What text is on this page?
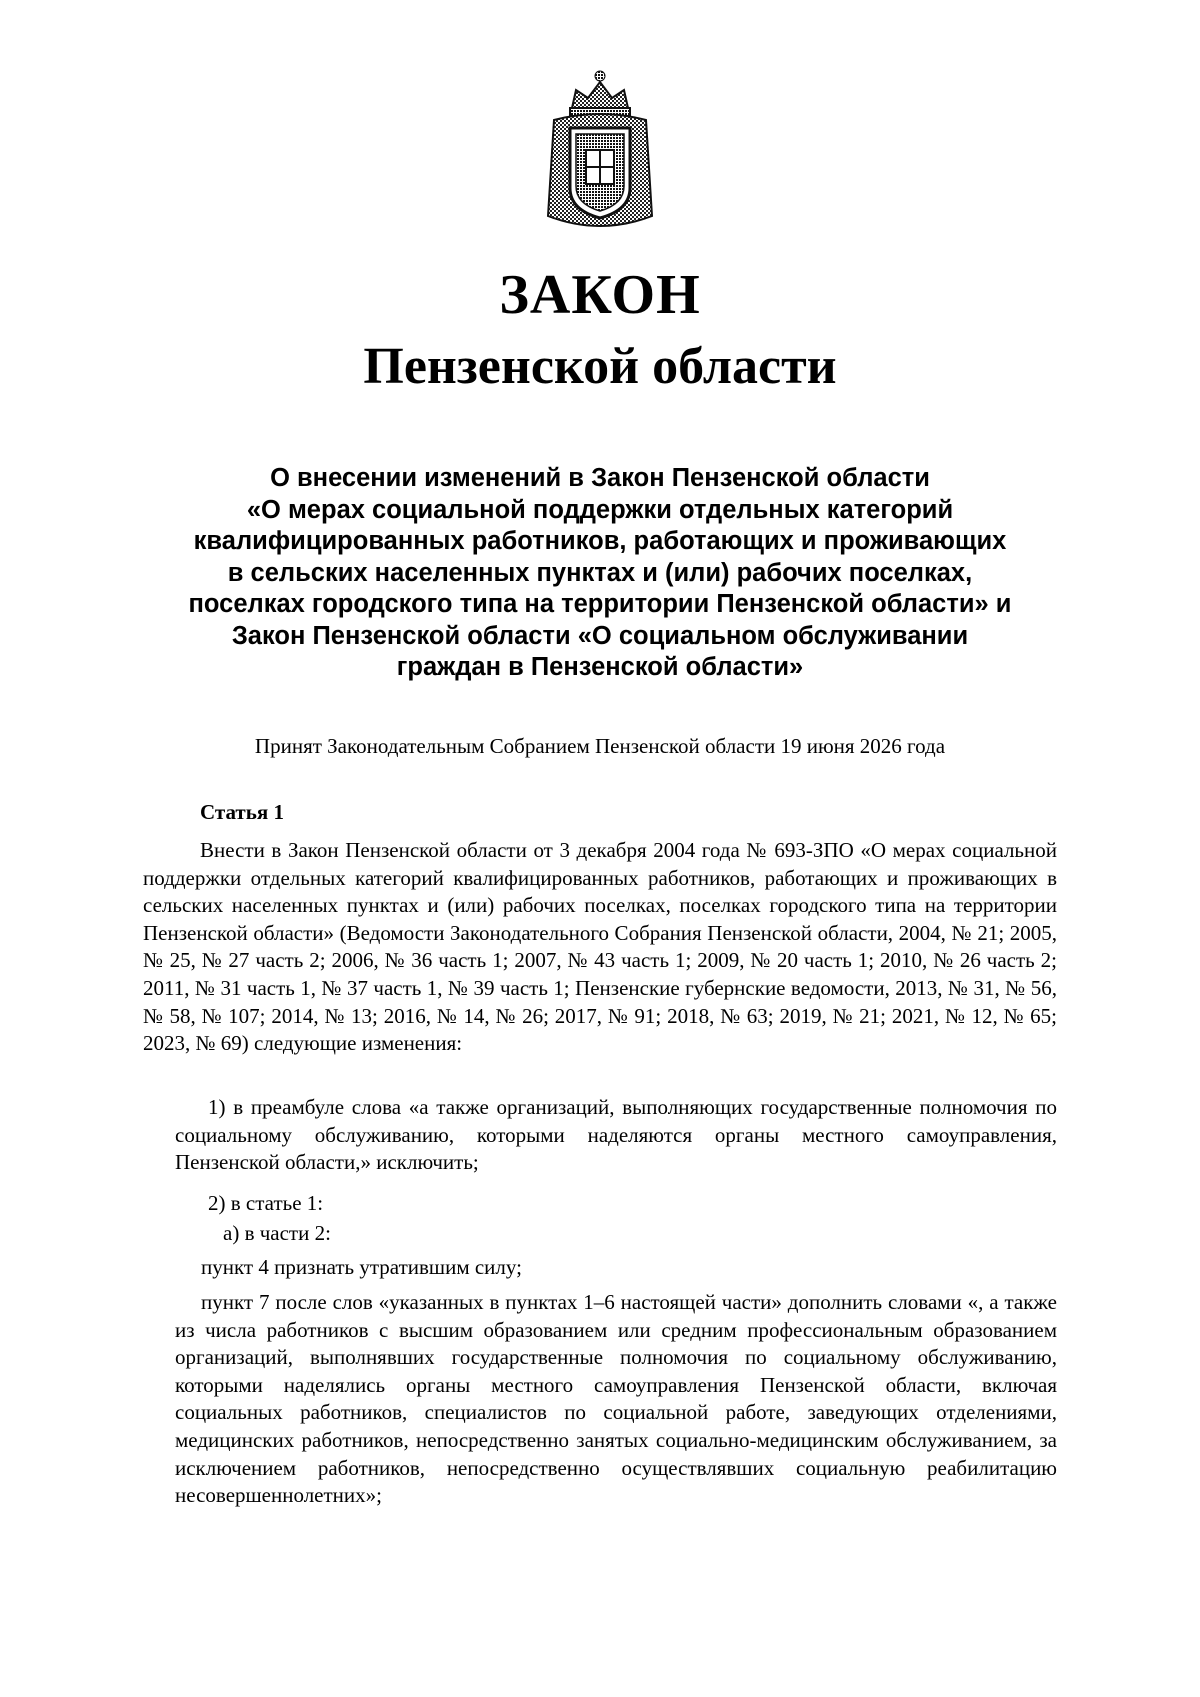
ЗАКОН
Пензенской области
О внесении изменений в Закон Пензенской области
«О мерах социальной поддержки отдельных категорий
квалифицированных работников, работающих и проживающих
в сельских населенных пунктах и (или) рабочих поселках,
поселках городского типа на территории Пензенской области» и
Закон Пензенской области «О социальном обслуживании
граждан в Пензенской области»
Принят Законодательным Собранием Пензенской области 19 июня 2026 года
Статья 1

Внести в Закон Пензенской области от 3 декабря 2004 года № 693-ЗПО «О мерах социальной поддержки отдельных категорий квалифицированных работников, работающих и проживающих в сельских населенных пунктах и (или) рабочих поселках, поселках городского типа на территории Пензенской области» (Ведомости Законодательного Собрания Пензенской области, 2004, № 21; 2005, № 25, № 27 часть 2; 2006, № 36 часть 1; 2007, № 43 часть 1; 2009, № 20 часть 1; 2010, № 26 часть 2; 2011, № 31 часть 1, № 37 часть 1, № 39 часть 1; Пензенские губернские ведомости, 2013, № 31, № 56, № 58, № 107; 2014, № 13; 2016, № 14, № 26; 2017, № 91; 2018, № 63; 2019, № 21; 2021, № 12, № 65; 2023, № 69) следующие изменения:

1) в преамбуле слова «а также организаций, выполняющих государственные полномочия по социальному обслуживанию, которыми наделяются органы местного самоуправления, Пензенской области,» исключить;

2) в статье 1:

а) в части 2:

пункт 4 признать утратившим силу;

пункт 7 после слов «указанных в пунктах 1–6 настоящей части» дополнить словами «, а также из числа работников с высшим образованием или средним профессиональным образованием организаций, выполнявших государственные полномочия по социальному обслуживанию, которыми наделялись органы местного самоуправления Пензенской области, включая социальных работников, специалистов по социальной работе, заведующих отделениями, медицинских работников, непосредственно занятых социально-медицинским обслуживанием, за исключением работников, непосредственно осуществлявших социальную реабилитацию несовершеннолетних»;
